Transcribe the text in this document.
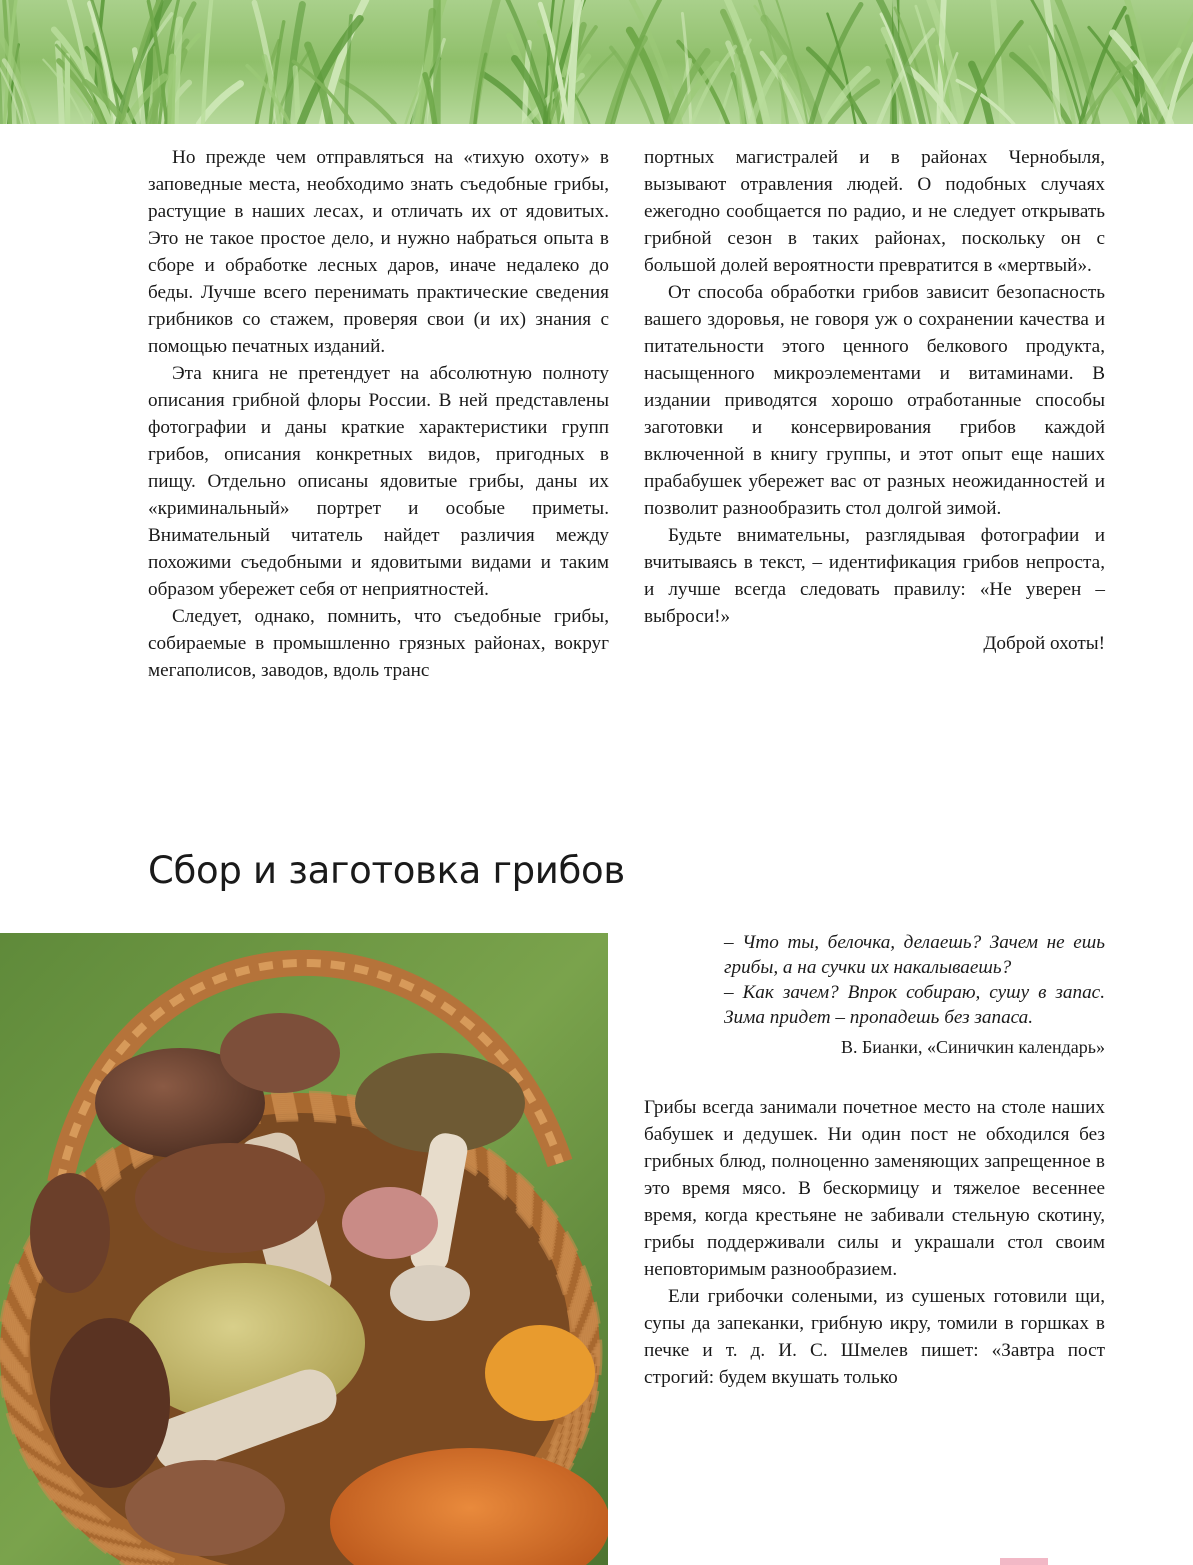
Но прежде чем отправляться на «тихую охоту» в заповедные места, необходимо знать съедобные грибы, растущие в наших лесах, и отличать их от ядовитых. Это не такое простое дело, и нужно набраться опыта в сборе и обработке лесных даров, иначе недалеко до беды. Лучше всего перенимать практические сведения грибников со стажем, проверяя свои (и их) знания с помощью печатных изданий.

Эта книга не претендует на абсолютную полноту описания грибной флоры России. В ней представлены фотографии и даны краткие характеристики групп грибов, описания конкретных видов, пригодных в пищу. Отдельно описаны ядовитые грибы, даны их «криминальный» портрет и особые приметы. Внимательный читатель найдет различия между похожими съедобными и ядовитыми видами и таким образом убережет себя от неприятностей.

Следует, однако, помнить, что съедобные грибы, собираемые в промышленно грязных районах, вокруг мегаполисов, заводов, вдоль транс

портных магистралей и в районах Чернобыля, вызывают отравления людей. О подобных случаях ежегодно сообщается по радио, и не следует открывать грибной сезон в таких районах, поскольку он с большой долей вероятности превратится в «мертвый».

От способа обработки грибов зависит безопасность вашего здоровья, не говоря уж о сохранении качества и питательности этого ценного белкового продукта, насыщенного микроэлементами и витаминами. В издании приводятся хорошо отработанные способы заготовки и консервирования грибов каждой включенной в книгу группы, и этот опыт еще наших прабабушек убережет вас от разных неожиданностей и позволит разнообразить стол долгой зимой.

Будьте внимательны, разглядывая фотографии и вчитываясь в текст, – идентификация грибов непроста, и лучше всегда следовать правилу: «Не уверен – выброси!»

Доброй охоты!

Сбор и заготовка грибов

– Что ты, белочка, делаешь? Зачем не ешь грибы, а на сучки их накалываешь?

– Как зачем? Впрок собираю, сушу в запас. Зима придет – пропадешь без запаса.

В. Бианки, «Синичкин календарь»

Грибы всегда занимали почетное место на столе наших бабушек и дедушек. Ни один пост не обходился без грибных блюд, полноценно заменяющих запрещенное в это время мясо. В бескормицу и тяжелое весеннее время, когда крестьяне не забивали стельную скотину, грибы поддерживали силы и украшали стол своим неповторимым разнообразием.

Ели грибочки солеными, из сушеных готовили щи, супы да запеканки, грибную икру, томили в горшках в печке и т. д. И. С. Шмелев пишет: «Завтра пост строгий: будем вкушать только
